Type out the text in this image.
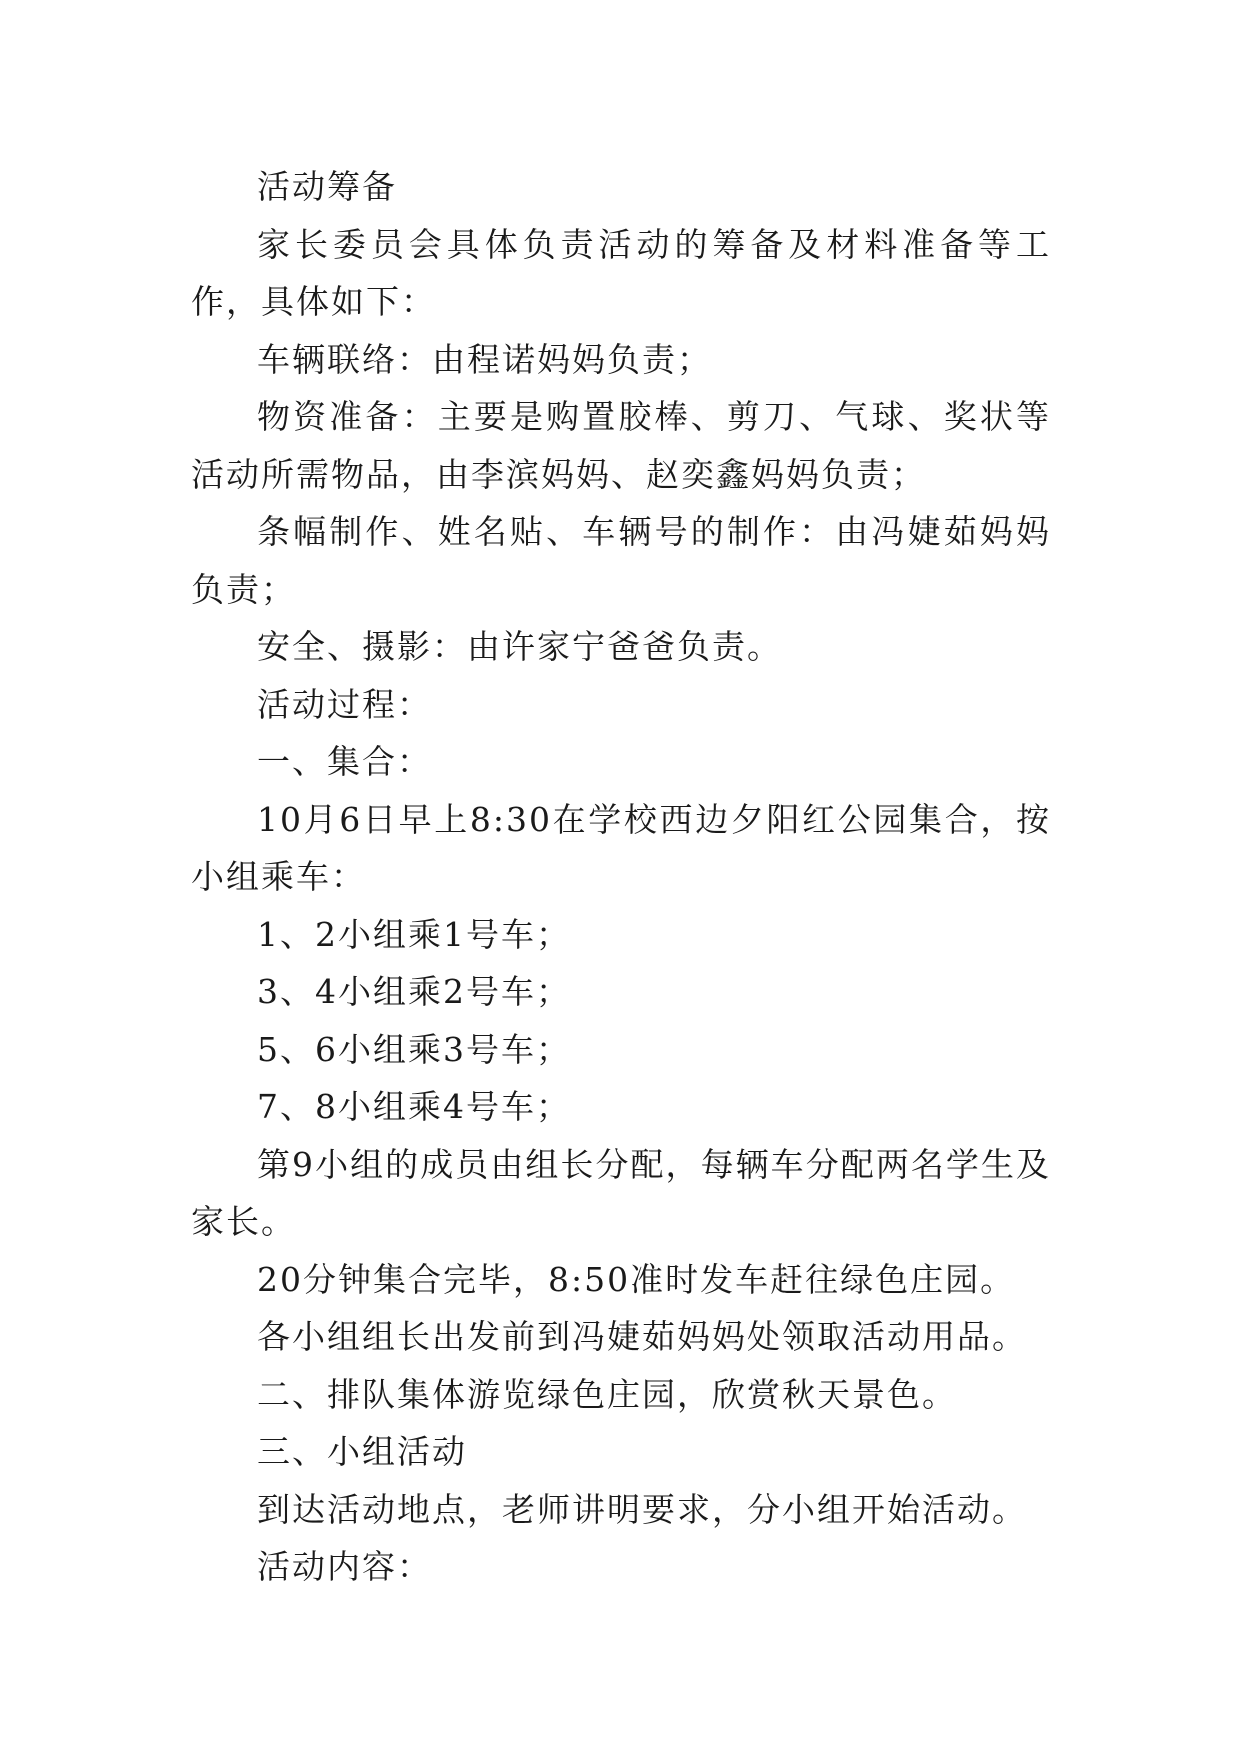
活动筹备

家长委员会具体负责活动的筹备及材料准备等工作，具体如下：

车辆联络：由程诺妈妈负责；

物资准备：主要是购置胶棒、剪刀、气球、奖状等活动所需物品，由李滨妈妈、赵奕鑫妈妈负责；

条幅制作、姓名贴、车辆号的制作：由冯婕茹妈妈负责；

安全、摄影：由许家宁爸爸负责。

活动过程：

一、集合：

10月6日早上8:30在学校西边夕阳红公园集合，按小组乘车：

1、2小组乘1号车；

3、4小组乘2号车；

5、6小组乘3号车；

7、8小组乘4号车；

第9小组的成员由组长分配，每辆车分配两名学生及家长。

20分钟集合完毕，8:50准时发车赶往绿色庄园。

各小组组长出发前到冯婕茹妈妈处领取活动用品。

二、排队集体游览绿色庄园，欣赏秋天景色。

三、小组活动

到达活动地点，老师讲明要求，分小组开始活动。

活动内容：
